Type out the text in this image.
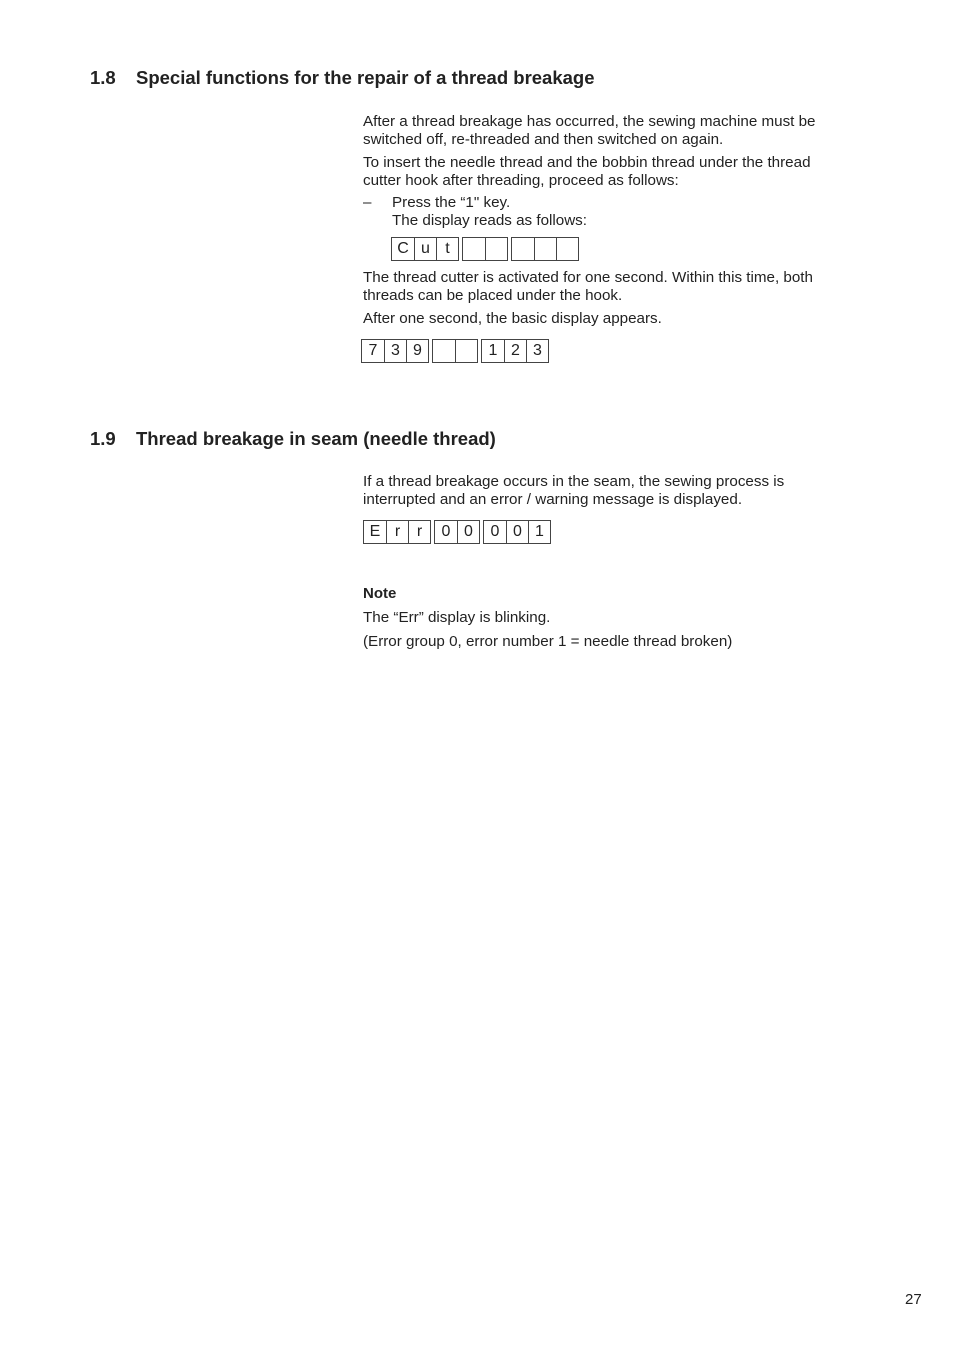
1.8 Special functions for the repair of a thread breakage

After a thread breakage has occurred, the sewing machine must be

switched off, re-threaded and then switched on again.

To insert the needle thread and the bobbin thread under the thread

cutter hook after threading, proceed as follows:

– Press the “1" key.

The display reads as follows:

C u t

The thread cutter is activated for one second. Within this time, both

threads can be placed under the hook.

After one second, the basic display appears.

7 3 9	1 2 3
1.9 Thread breakage in seam (needle thread)

If a thread breakage occurs in the seam, the sewing process is

interrupted and an error / warning message is displayed.

E r	r	0 0	0 0 1

Note

The “Err” display is blinking.

(Error group 0, error number 1 = needle thread broken)

27
